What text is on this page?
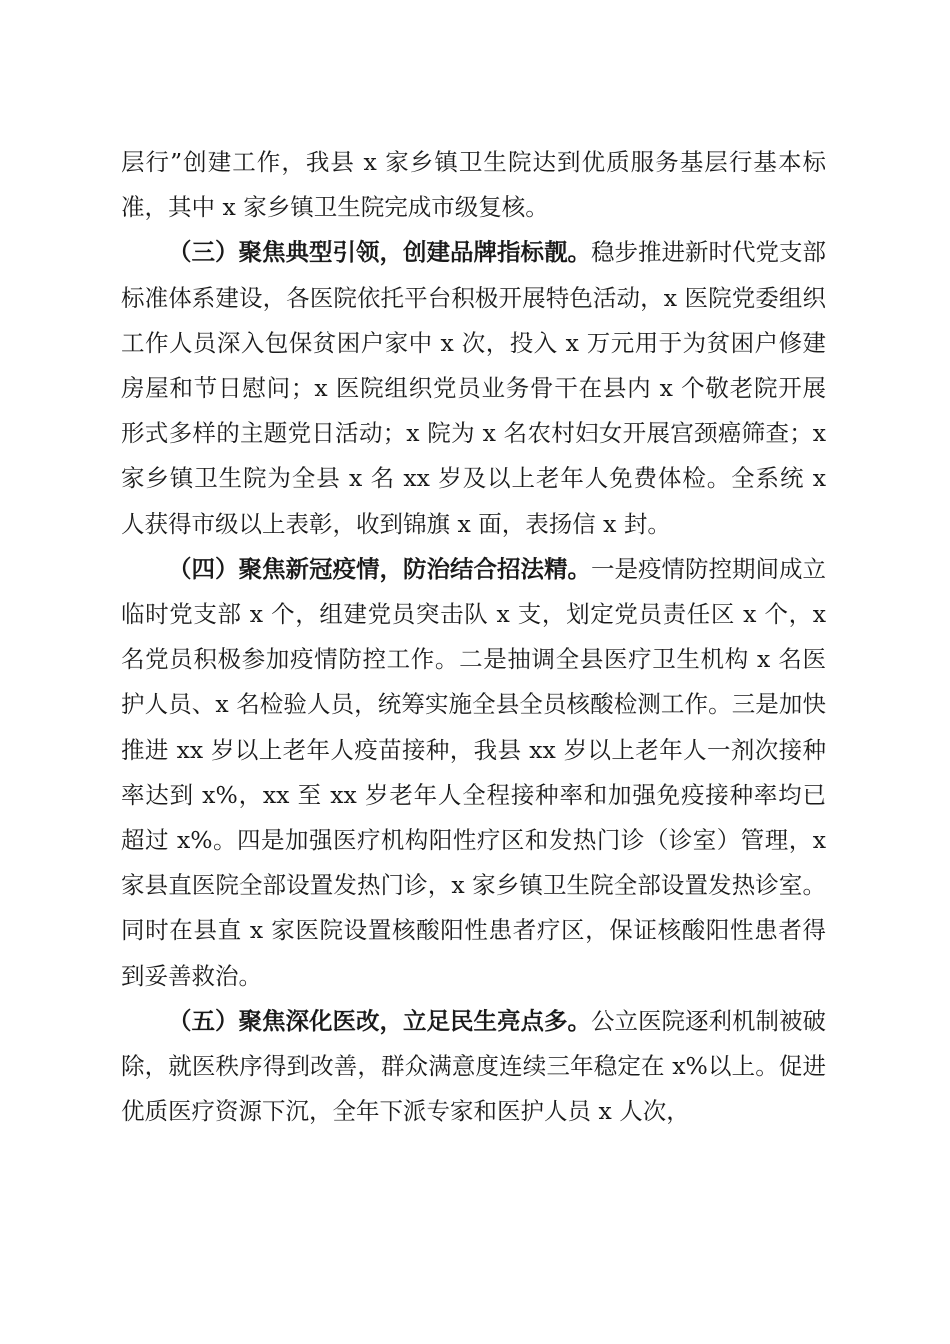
层行”创建工作，我县 x 家乡镇卫生院达到优质服务基层行基本标准，其中 x 家乡镇卫生院完成市级复核。

（三）聚焦典型引领，创建品牌指标靓。稳步推进新时代党支部标准体系建设，各医院依托平台积极开展特色活动，x 医院党委组织工作人员深入包保贫困户家中 x 次，投入 x 万元用于为贫困户修建房屋和节日慰问；x 医院组织党员业务骨干在县内 x 个敬老院开展形式多样的主题党日活动；x 院为 x 名农村妇女开展宫颈癌筛查；x 家乡镇卫生院为全县 x 名 xx 岁及以上老年人免费体检。全系统 x 人获得市级以上表彰，收到锦旗 x 面，表扬信 x 封。

（四）聚焦新冠疫情，防治结合招法精。一是疫情防控期间成立临时党支部 x 个，组建党员突击队 x 支，划定党员责任区 x 个，x 名党员积极参加疫情防控工作。二是抽调全县医疗卫生机构 x 名医护人员、x 名检验人员，统筹实施全县全员核酸检测工作。三是加快推进 xx 岁以上老年人疫苗接种，我县 xx 岁以上老年人一剂次接种率达到 x%，xx 至 xx 岁老年人全程接种率和加强免疫接种率均已超过 x%。四是加强医疗机构阳性疗区和发热门诊（诊室）管理，x 家县直医院全部设置发热门诊，x 家乡镇卫生院全部设置发热诊室。同时在县直 x 家医院设置核酸阳性患者疗区，保证核酸阳性患者得到妥善救治。

（五）聚焦深化医改，立足民生亮点多。公立医院逐利机制被破除，就医秩序得到改善，群众满意度连续三年稳定在 x%以上。促进优质医疗资源下沉，全年下派专家和医护人员 x 人次，
